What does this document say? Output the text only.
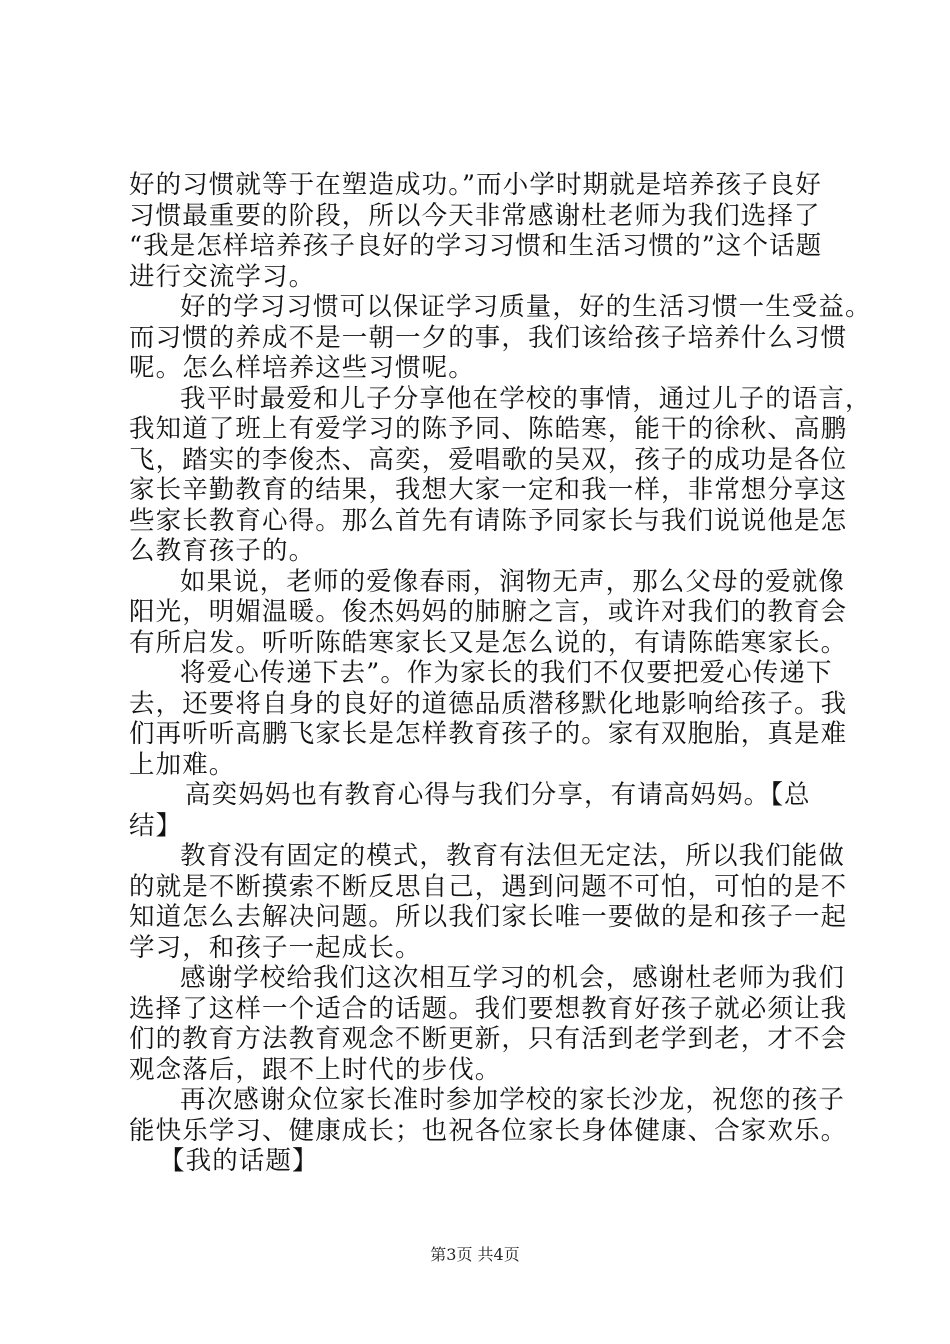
好的习惯就等于在塑造成功。”而小学时期就是培养孩子良好
习惯最重要的阶段，所以今天非常感谢杜老师为我们选择了
“我是怎样培养孩子良好的学习习惯和生活习惯的”这个话题
进行交流学习。
好的学习习惯可以保证学习质量，好的生活习惯一生受益。
而习惯的养成不是一朝一夕的事，我们该给孩子培养什么习惯
呢。怎么样培养这些习惯呢。
我平时最爱和儿子分享他在学校的事情，通过儿子的语言，
我知道了班上有爱学习的陈予同、陈皓寒，能干的徐秋、高鹏
飞，踏实的李俊杰、高奕，爱唱歌的吴双，孩子的成功是各位
家长辛勤教育的结果，我想大家一定和我一样，非常想分享这
些家长教育心得。那么首先有请陈予同家长与我们说说他是怎
么教育孩子的。
如果说，老师的爱像春雨，润物无声，那么父母的爱就像
阳光，明媚温暖。俊杰妈妈的肺腑之言，或许对我们的教育会
有所启发。听听陈皓寒家长又是怎么说的，有请陈皓寒家长。
将爱心传递下去”。作为家长的我们不仅要把爱心传递下
去，还要将自身的良好的道德品质潜移默化地影响给孩子。我
们再听听高鹏飞家长是怎样教育孩子的。家有双胞胎，真是难
上加难。
高奕妈妈也有教育心得与我们分享，有请高妈妈。【总
结】
教育没有固定的模式，教育有法但无定法，所以我们能做
的就是不断摸索不断反思自己，遇到问题不可怕，可怕的是不
知道怎么去解决问题。所以我们家长唯一要做的是和孩子一起
学习，和孩子一起成长。
感谢学校给我们这次相互学习的机会，感谢杜老师为我们
选择了这样一个适合的话题。我们要想教育好孩子就必须让我
们的教育方法教育观念不断更新，只有活到老学到老，才不会
观念落后，跟不上时代的步伐。
再次感谢众位家长准时参加学校的家长沙龙，祝您的孩子
能快乐学习、健康成长；也祝各位家长身体健康、合家欢乐。
【我的话题】
第3页 共4页
